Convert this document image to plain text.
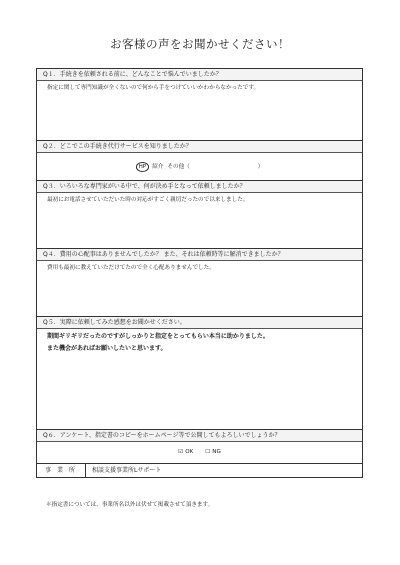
お客様の声をお聞かせください！
Q１．手続きを依頼される前に、どんなことで悩んでいましたか？
指定に関して専門知識が全くないので何から手をつけていいかわからなかったです。
Q２．どこでこの手続き代行サービスを知りましたか？
HP 紹介 その他（	）
Q３．いろいろな専門家がいる中で、何が決め手となって依頼しましたか？
最初にお電話させていただいた時の対応がすごく親切だったので以来しました。
Q４．費用の心配事はありませんでしたか？ また、それは依頼時等に解消できましたか？
費用も最初に教えていただけてたので全く心配ありませんでした。
Q５．実際に依頼してみた感想をお聞かせください。
期間ギリギリだったのですがしっかりと指定をとってもらい本当に助かりました。
また機会があればお願いしたいと思います。
Q６．アンケート、指定書のコピーをホームページ等で公開してもよろしいでしょうか？
☑ OK ☐ NG
事 業 所	相談支援事業所Lサポート
＊指定書については、事業所名以外は伏せて掲載させて頂きます。
